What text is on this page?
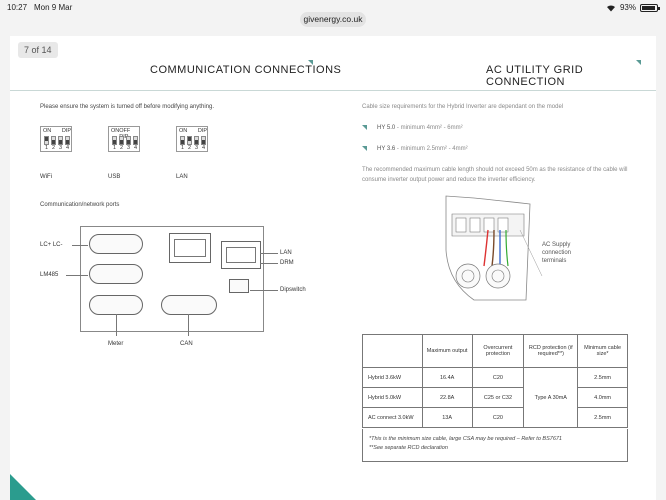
10:27 Mon 9 Mar	93%
givenergy.co.uk
7 of 14
COMMUNICATION CONNECTIONS	AC UTILITY GRID CONNECTION
Please ensure the system is turned off before modifying anything.
ON DIP
1 2 3 4
WiFi
ON OFF
1 2 3 4
USB
ON DIP
1 2 3 4
LAN
Communication/network ports
LC+ LC-
LM485
LAN
DRM
Dipswitch
Meter	CAN
Cable size requirements for the Hybrid Inverter are dependant on the model
HY 5.0 - minimum 4mm² - 6mm²
HY 3.6 - minimum 2.5mm² - 4mm²
The recommended maximum cable length should not exceed 50m as the resistance of the cable will
consume inverter output power and reduce the inverter efficiency.
AC Supply
connection
terminals
	Maximum output	Overcurrent protection	RCD protection (if required**)	Minimum cable size*
Hybrid 3.6kW	16.4A	C20	Type A 30mA	2.5mm
Hybrid 5.0kW	22.8A	C25 or C32		4.0mm
AC connect 3.0kW	13A	C20		2.5mm
*This is the minimum size cable, large CSA may be required – Refer to BS7671
**See separate RCD declaration
